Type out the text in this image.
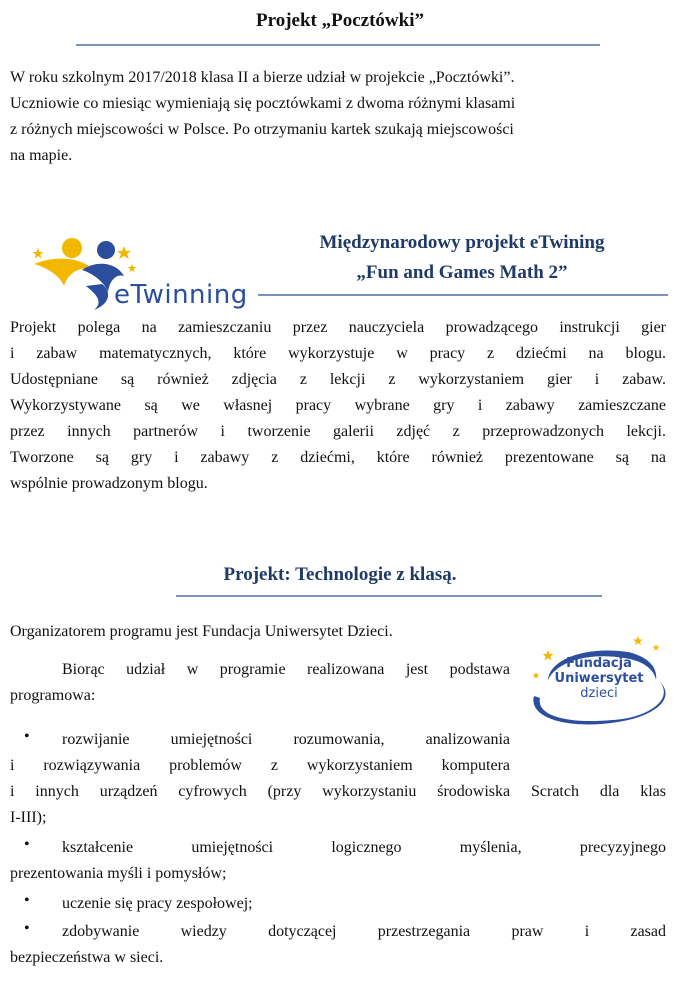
Projekt „Pocztówki”
W roku szkolnym 2017/2018 klasa II a bierze udział w projekcie „Pocztówki”.
Uczniowie co miesiąc wymieniają się pocztówkami z dwoma różnymi klasami
z różnych miejscowości w Polsce. Po otrzymaniu kartek szukają miejscowości
na mapie.
eTwinning
Międzynarodowy projekt eTwining
„Fun and Games Math 2”
Projekt polega na zamieszczaniu przez nauczyciela prowadzącego instrukcji gier
i zabaw matematycznych, które wykorzystuje w pracy z dziećmi na blogu.
Udostępniane są również zdjęcia z lekcji z wykorzystaniem gier i zabaw.
Wykorzystywane są we własnej pracy wybrane gry i zabawy zamieszczane
przez innych partnerów i tworzenie galerii zdjęć z przeprowadzonych lekcji.
Tworzone są gry i zabawy z dziećmi, które również prezentowane są na
wspólnie prowadzonym blogu.
Projekt: Technologie z klasą.
Organizatorem programu jest Fundacja Uniwersytet Dzieci.
Biorąc udział w programie realizowana jest podstawa
programowa:
Fundacja
Uniwersytet
dzieci
• rozwijanie umiejętności rozumowania, analizowania
i rozwiązywania problemów z wykorzystaniem komputera
i innych urządzeń cyfrowych (przy wykorzystaniu środowiska Scratch dla klas
I-III);
• kształcenie umiejętności logicznego myślenia, precyzyjnego
prezentowania myśli i pomysłów;
• uczenie się pracy zespołowej;
• zdobywanie wiedzy dotyczącej przestrzegania praw i zasad
bezpieczeństwa w sieci.
